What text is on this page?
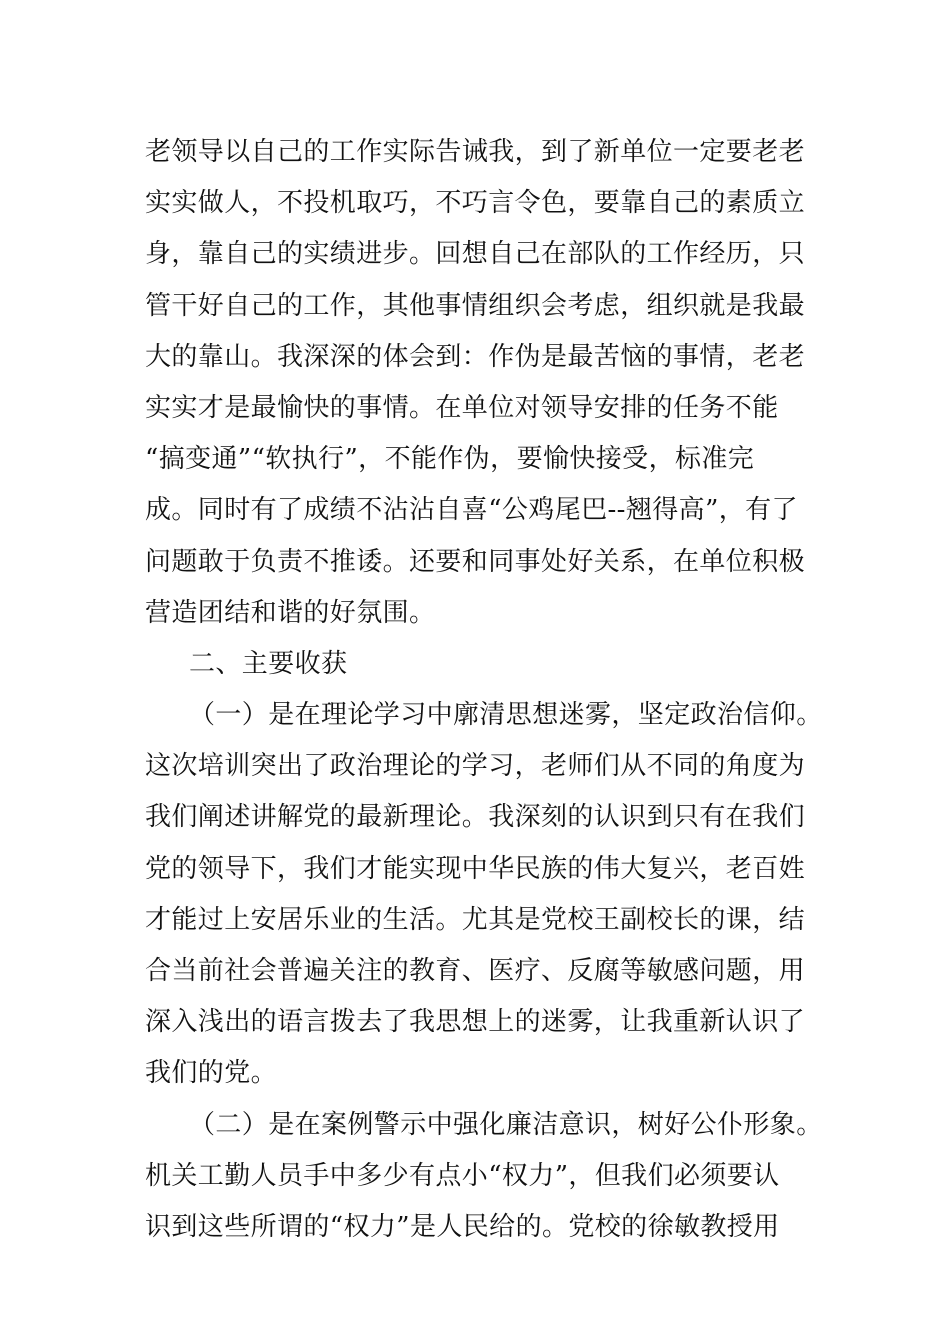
老领导以自己的工作实际告诫我，到了新单位一定要老老
实实做人，不投机取巧，不巧言令色，要靠自己的素质立
身，靠自己的实绩进步。回想自己在部队的工作经历，只
管干好自己的工作，其他事情组织会考虑，组织就是我最
大的靠山。我深深的体会到：作伪是最苦恼的事情，老老
实实才是最愉快的事情。在单位对领导安排的任务不能
“搞变通”“软执行”，不能作伪，要愉快接受，标准完
成。同时有了成绩不沾沾自喜“公鸡尾巴--翘得高”，有了
问题敢于负责不推诿。还要和同事处好关系，在单位积极
营造团结和谐的好氛围。
二、主要收获
（一）是在理论学习中廓清思想迷雾，坚定政治信仰。
这次培训突出了政治理论的学习，老师们从不同的角度为
我们阐述讲解党的最新理论。我深刻的认识到只有在我们
党的领导下，我们才能实现中华民族的伟大复兴，老百姓
才能过上安居乐业的生活。尤其是党校王副校长的课，结
合当前社会普遍关注的教育、医疗、反腐等敏感问题，用
深入浅出的语言拨去了我思想上的迷雾，让我重新认识了
我们的党。
（二）是在案例警示中强化廉洁意识，树好公仆形象。
机关工勤人员手中多少有点小“权力”，但我们必须要认
识到这些所谓的“权力”是人民给的。党校的徐敏教授用
